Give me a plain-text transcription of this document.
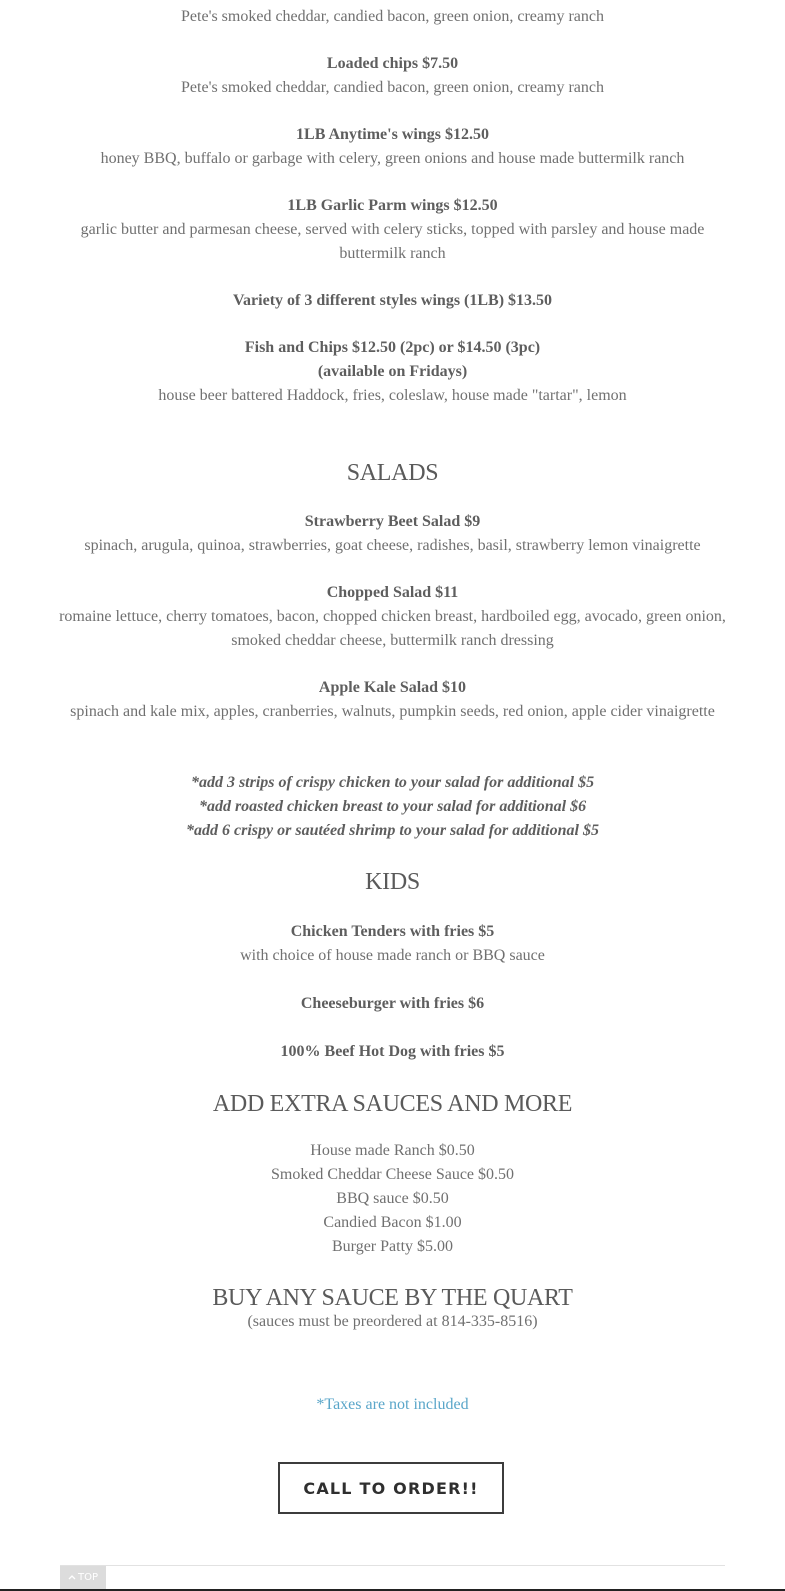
Pete's smoked cheddar, candied bacon, green onion, creamy ranch

Loaded chips $7.50

Pete's smoked cheddar, candied bacon, green onion, creamy ranch

1LB Anytime's wings $12.50

honey BBQ, buffalo or garbage with celery, green onions and house made buttermilk ranch

1LB Garlic Parm wings $12.50

garlic butter and parmesan cheese, served with celery sticks, topped with parsley and house made buttermilk ranch

Variety of 3 different styles wings (1LB) $13.50

Fish and Chips $12.50 (2pc) or $14.50 (3pc)

(available on Fridays)

house beer battered Haddock, fries, coleslaw, house made "tartar", lemon

SALADS

Strawberry Beet Salad $9

spinach, arugula, quinoa, strawberries, goat cheese, radishes, basil, strawberry lemon vinaigrette

Chopped Salad $11

romaine lettuce, cherry tomatoes, bacon, chopped chicken breast, hardboiled egg, avocado, green onion, smoked cheddar cheese, buttermilk ranch dressing

Apple Kale Salad $10

spinach and kale mix, apples, cranberries, walnuts, pumpkin seeds, red onion, apple cider vinaigrette

*add 3 strips of crispy chicken to your salad for additional $5

*add roasted chicken breast to your salad for additional $6

*add 6 crispy or sautéed shrimp to your salad for additional $5

KIDS

Chicken Tenders with fries $5

with choice of house made ranch or BBQ sauce

Cheeseburger with fries $6

100% Beef Hot Dog with fries $5

ADD EXTRA SAUCES AND MORE

House made Ranch $0.50

Smoked Cheddar Cheese Sauce $0.50

BBQ sauce $0.50

Candied Bacon $1.00

Burger Patty $5.00

BUY ANY SAUCE BY THE QUART

(sauces must be preordered at 814-335-8516)

*Taxes are not included

CALL TO ORDER!!
TOP
